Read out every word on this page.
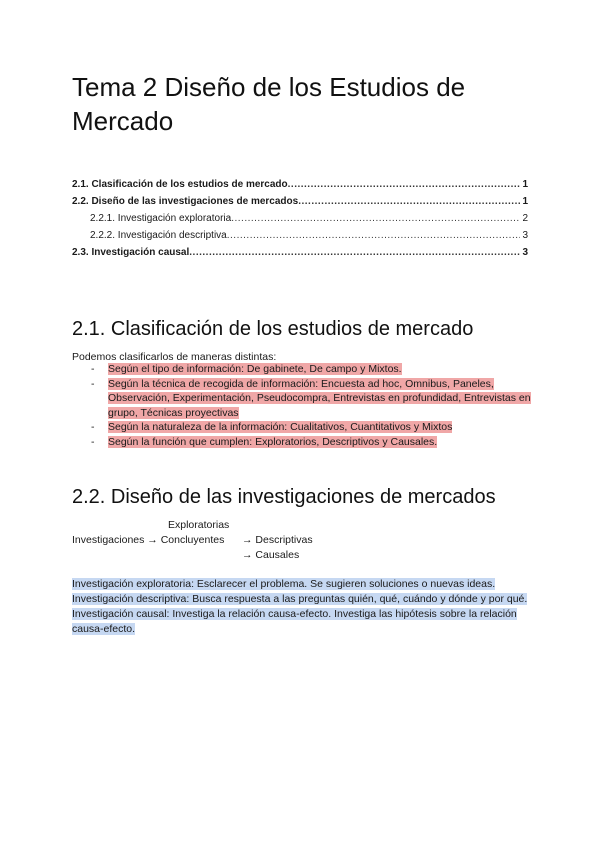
Tema 2 Diseño de los Estudios de Mercado
2.1. Clasificación de los estudios de mercado .....	1
2.2. Diseño de las investigaciones de mercados .....	1
2.2.1. Investigación exploratoria .....	2
2.2.2. Investigación descriptiva .....	3
2.3. Investigación causal .....	3
2.1. Clasificación de los estudios de mercado
Podemos clasificarlos de maneras distintas:
- Según el tipo de información: De gabinete, De campo y Mixtos.
- Según la técnica de recogida de información: Encuesta ad hoc, Omnibus, Paneles, Observación, Experimentación, Pseudocompra, Entrevistas en profundidad, Entrevistas en grupo, Técnicas proyectivas
- Según la naturaleza de la información: Cualitativos, Cuantitativos y Mixtos
- Según la función que cumplen: Exploratorios, Descriptivos y Causales.
2.2. Diseño de las investigaciones de mercados
Exploratorias
Investigaciones → Concluyentes → Descriptivas
→ Causales

Investigación exploratoria: Esclarecer el problema. Se sugieren soluciones o nuevas ideas.

Investigación descriptiva: Busca respuesta a las preguntas quién, qué, cuándo y dónde y por qué.

Investigación causal: Investiga la relación causa-efecto. Investiga las hipótesis sobre la relación causa-efecto.
